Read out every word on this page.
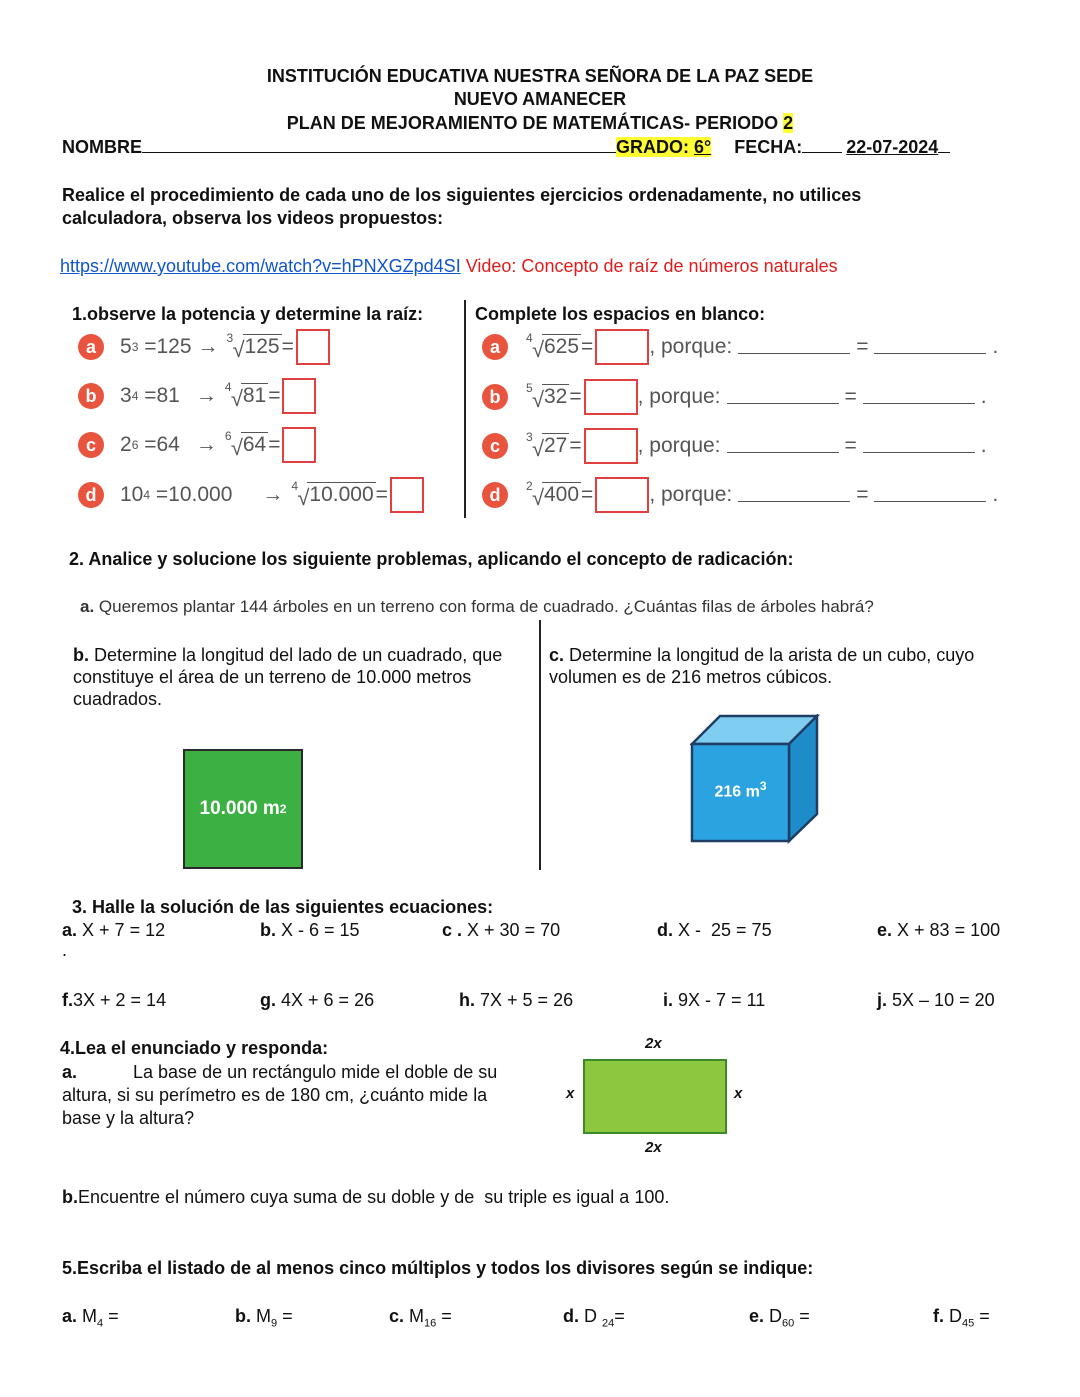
INSTITUCIÓN EDUCATIVA NUESTRA SEÑORA DE LA PAZ SEDE
NUEVO AMANECER
PLAN DE MEJORAMIENTO DE MATEMÁTICAS- PERIODO 2
NOMBRE	GRADO: 6° FECHA: 22-07-2024
Realice el procedimiento de cada uno de los siguientes ejercicios ordenadamente, no utilices calculadora, observa los videos propuestos:
https://www.youtube.com/watch?v=hPNXGZpd4SI Video: Concepto de raíz de números naturales
1.observe la potencia y determine la raíz:	Complete los espacios en blanco:
a	5 3 = 125 → 3 √ 125 =
b	3 4 = 81 → 4 √ 81 =
c	2 6 = 64 → 6 √ 64 =
d	10 4 = 10.000 → 4 √ 10.000 =
a	4 √ 625 =	, porque:	=	.
b	5 √ 32 =	, porque:	=	.
c	3 √ 27 =	, porque:	=	.
d	2 √ 400 =	, porque:	=	.
2. Analice y solucione los siguiente problemas, aplicando el concepto de radicación:
a. Queremos plantar 144 árboles en un terreno con forma de cuadrado. ¿Cuántas filas de árboles habrá?
b. Determine la longitud del lado de un cuadrado, que constituye el área de un terreno de 10.000 metros cuadrados.
c. Determine la longitud de la arista de un cubo, cuyo volumen es de 216 metros cúbicos.
10.000 m 2
216 $m^3$
3. Halle la solución de las siguientes ecuaciones:
a. X + 7 = 12	b. X - 6 = 15	c . X + 30 = 70	d. X -  25 = 75	e. X + 83 = 100
.
f.3X + 2 = 14	g. 4X + 6 = 26	h. 7X + 5 = 26	i. 9X - 7 = 11	j. 5X – 10 = 20
4.Lea el enunciado y responda:
a.	La base de un rectángulo mide el doble de su altura, si su perímetro es de 180 cm, ¿cuánto mide la base y la altura?
2x
x	x
2x
b.Encuentre el número cuya suma de su doble y de  su triple es igual a 100.
5.Escriba el listado de al menos cinco múltiplos y todos los divisores según se indique:
a. $M_4$ =	b. $M_9$ =	c. $M_{16}$ =	d. D $_{24}$=	e. $D_{60}$ =	f. $D_{45}$ =
